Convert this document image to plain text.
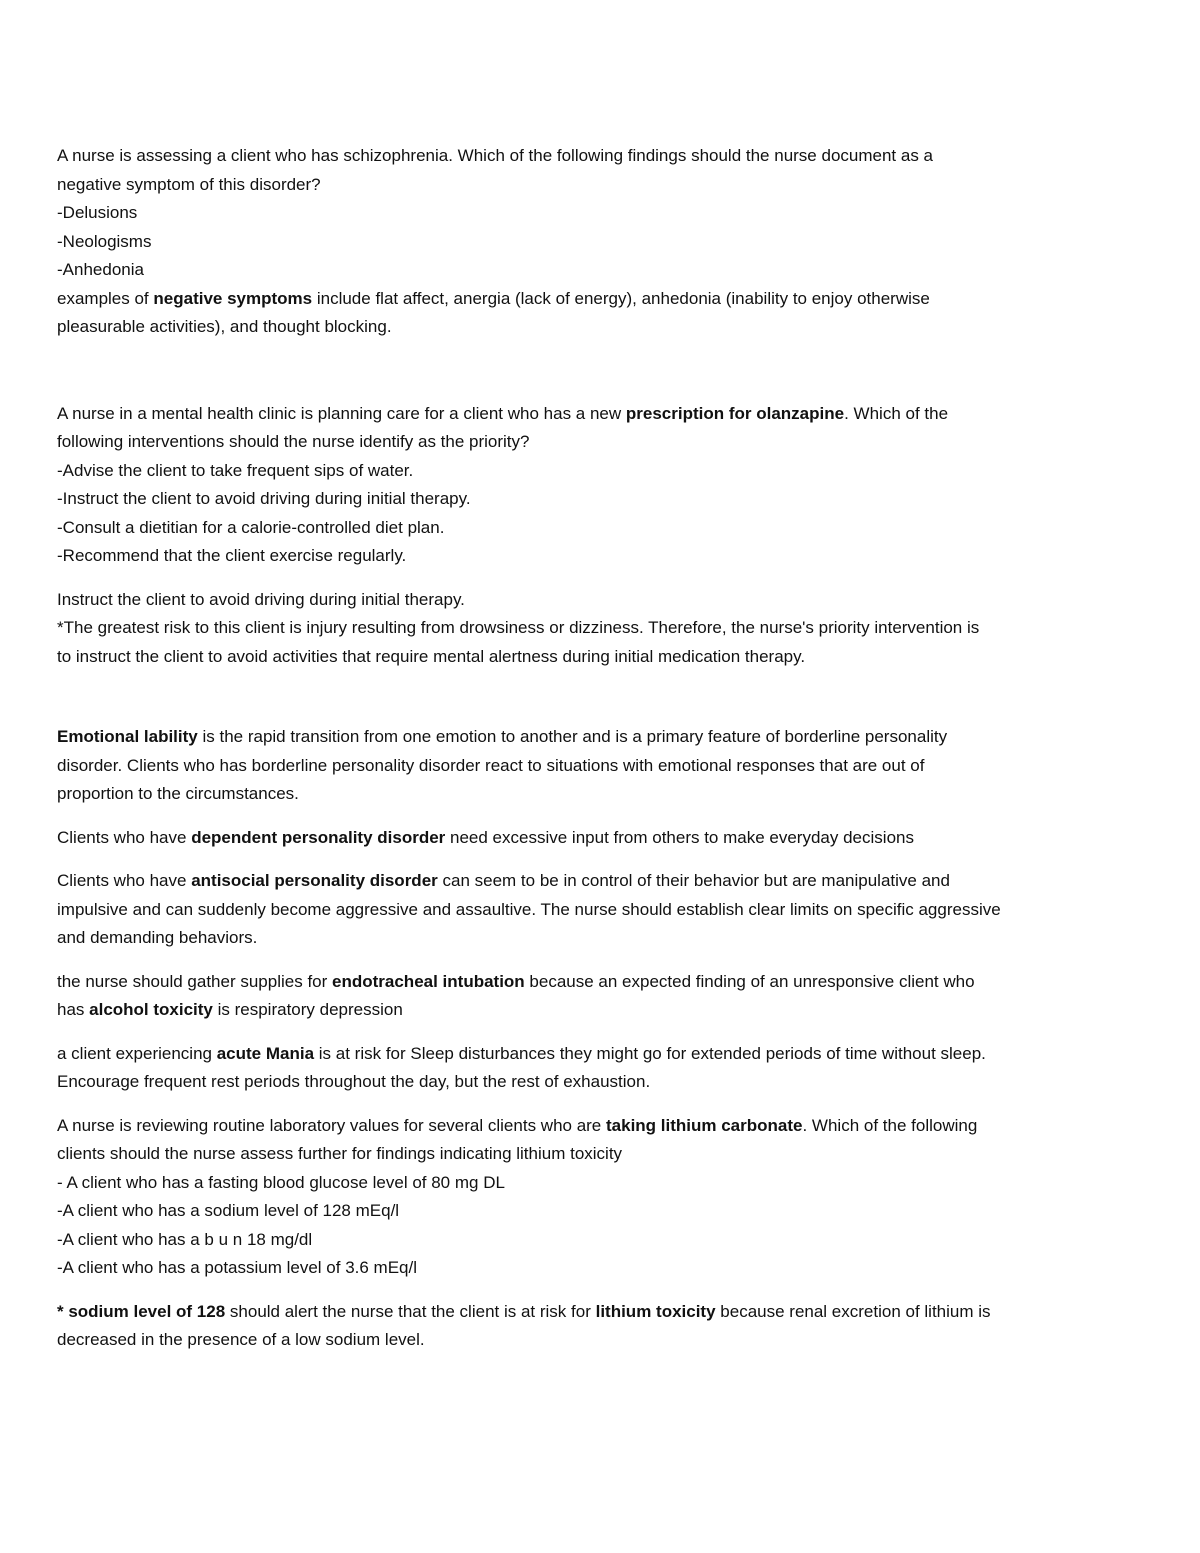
A nurse is assessing a client who has schizophrenia. Which of the following findings should the nurse document as a
negative symptom of this disorder?
-Delusions
-Neologisms
-Anhedonia
examples of negative symptoms include flat affect, anergia (lack of energy), anhedonia (inability to enjoy otherwise
pleasurable activities), and thought blocking.
A nurse in a mental health clinic is planning care for a client who has a new prescription for olanzapine. Which of the
following interventions should the nurse identify as the priority?
-Advise the client to take frequent sips of water.
-Instruct the client to avoid driving during initial therapy.
-Consult a dietitian for a calorie-controlled diet plan.
-Recommend that the client exercise regularly.
Instruct the client to avoid driving during initial therapy.
*The greatest risk to this client is injury resulting from drowsiness or dizziness. Therefore, the nurse's priority intervention is
to instruct the client to avoid activities that require mental alertness during initial medication therapy.
Emotional lability is the rapid transition from one emotion to another and is a primary feature of borderline personality
disorder. Clients who has borderline personality disorder react to situations with emotional responses that are out of
proportion to the circumstances.
Clients who have dependent personality disorder need excessive input from others to make everyday decisions
Clients who have antisocial personality disorder can seem to be in control of their behavior but are manipulative and
impulsive and can suddenly become aggressive and assaultive. The nurse should establish clear limits on specific aggressive
and demanding behaviors.
the nurse should gather supplies for endotracheal intubation because an expected finding of an unresponsive client who
has alcohol toxicity is respiratory depression
a client experiencing acute Mania is at risk for Sleep disturbances they might go for extended periods of time without sleep.
Encourage frequent rest periods throughout the day, but the rest of exhaustion.
A nurse is reviewing routine laboratory values for several clients who are taking lithium carbonate. Which of the following
clients should the nurse assess further for findings indicating lithium toxicity
- A client who has a fasting blood glucose level of 80 mg DL
-A client who has a sodium level of 128 mEq/l
-A client who has a b u n 18 mg/dl
-A client who has a potassium level of 3.6 mEq/l
* sodium level of 128 should alert the nurse that the client is at risk for lithium toxicity because renal excretion of lithium is
decreased in the presence of a low sodium level.
